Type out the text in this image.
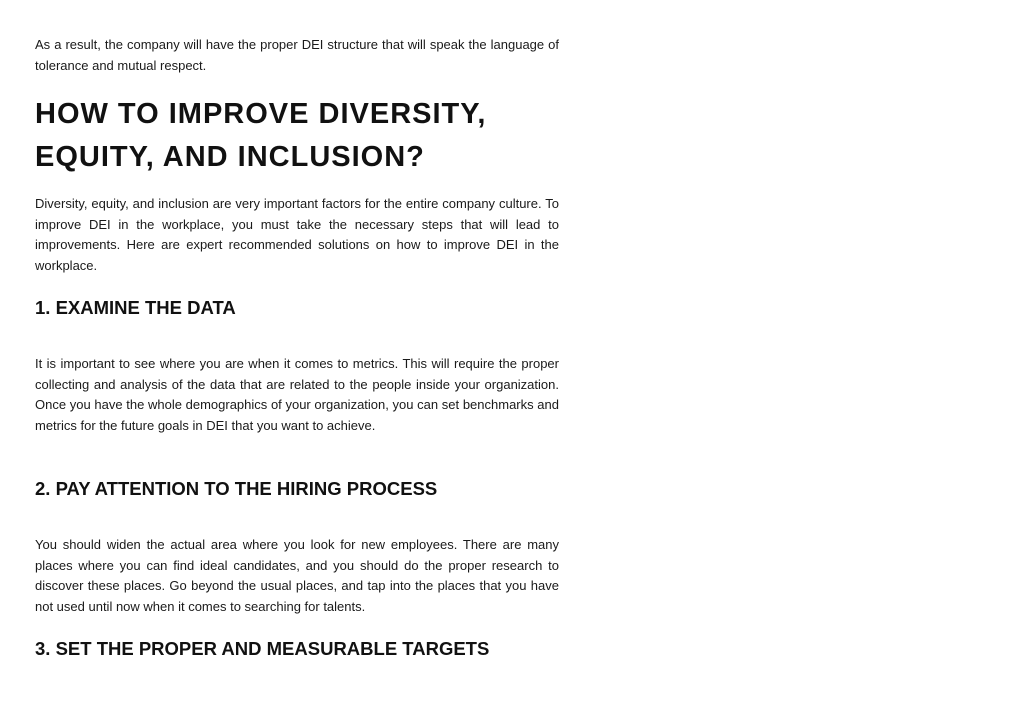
As a result, the company will have the proper DEI structure that will speak the language of tolerance and mutual respect.

HOW TO IMPROVE DIVERSITY,
EQUITY, AND INCLUSION?

Diversity, equity, and inclusion are very important factors for the entire company culture. To improve DEI in the workplace, you must take the necessary steps that will lead to improvements. Here are expert recommended solutions on how to improve DEI in the workplace.

1. EXAMINE THE DATA

It is important to see where you are when it comes to metrics. This will require the proper collecting and analysis of the data that are related to the people inside your organization. Once you have the whole demographics of your organization, you can set benchmarks and metrics for the future goals in DEI that you want to achieve.

2. PAY ATTENTION TO THE HIRING PROCESS

You should widen the actual area where you look for new employees. There are many places where you can find ideal candidates, and you should do the proper research to discover these places. Go beyond the usual places, and tap into the places that you have not used until now when it comes to searching for talents.

3. SET THE PROPER AND MEASURABLE TARGETS
